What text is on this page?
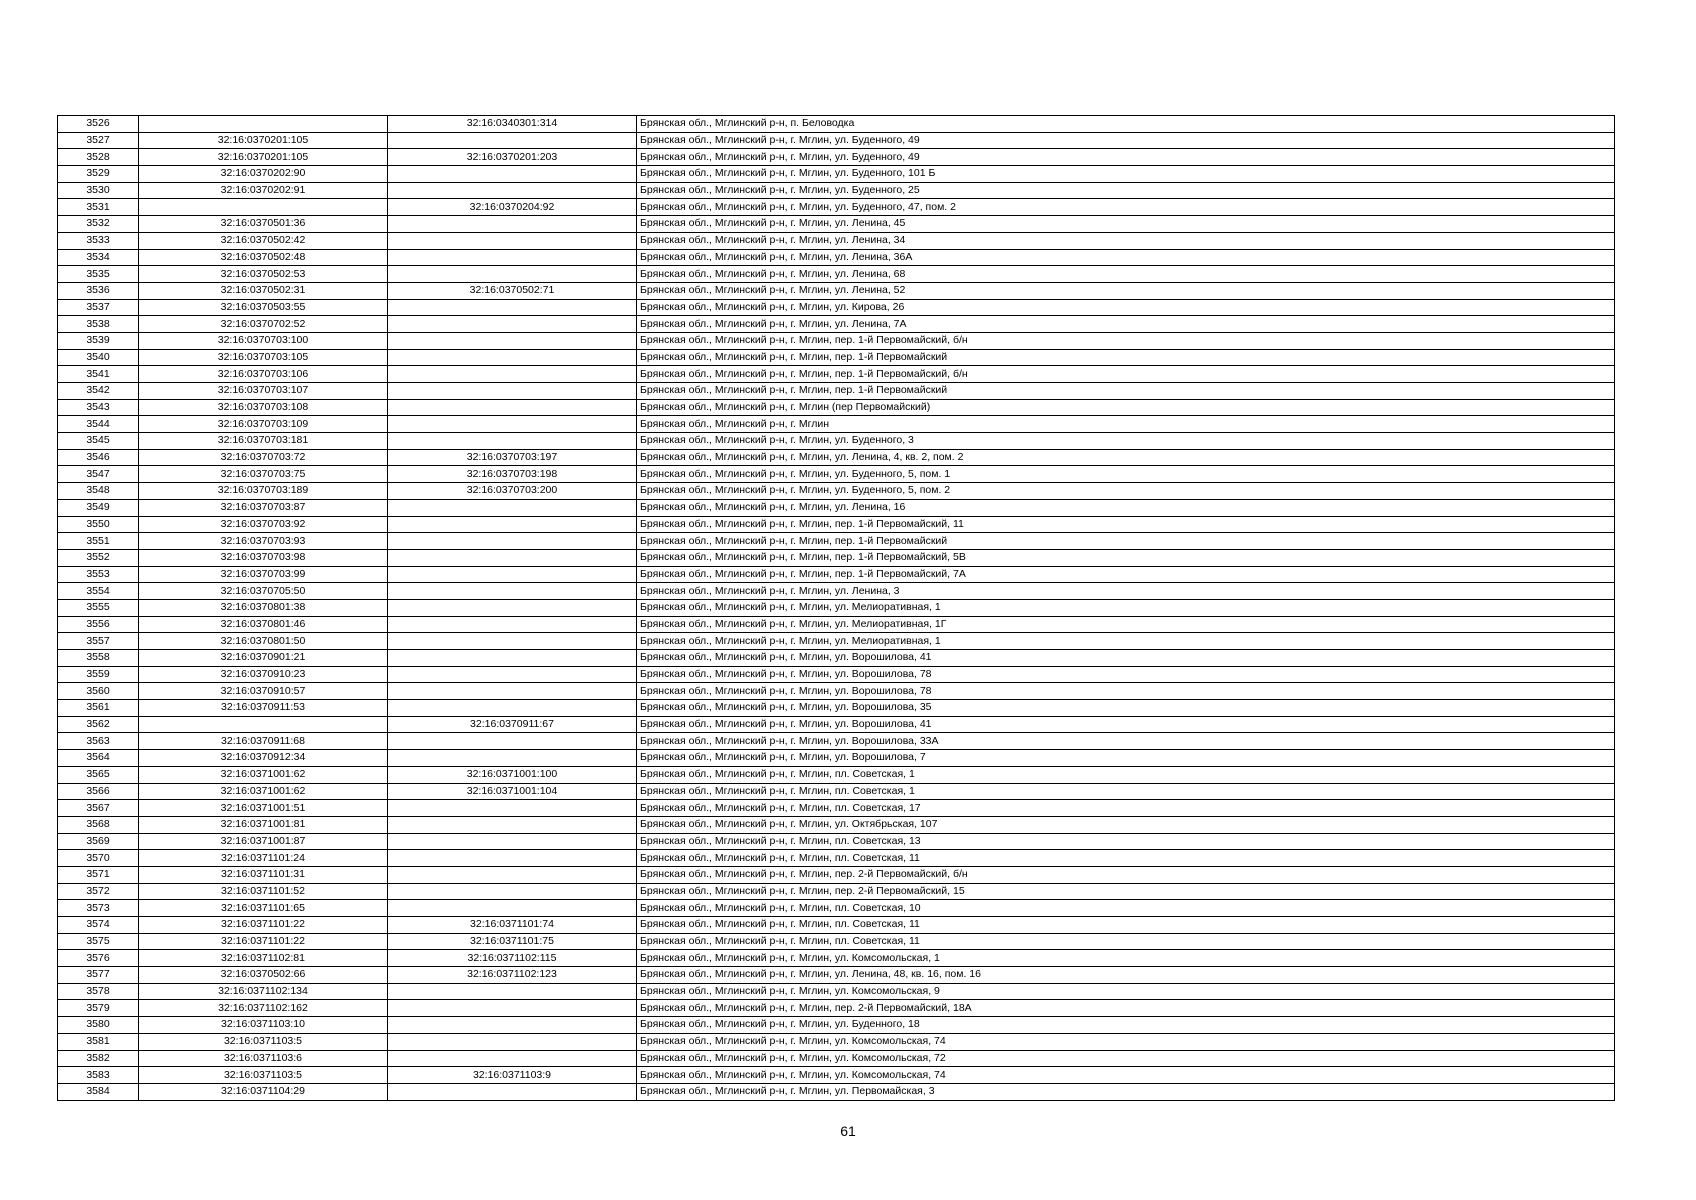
3526		32:16:0340301:314	Брянская обл., Мглинский р-н, п. Беловодка
3527	32:16:0370201:105		Брянская обл., Мглинский р-н, г. Мглин, ул. Буденного, 49
3528	32:16:0370201:105	32:16:0370201:203	Брянская обл., Мглинский р-н, г. Мглин, ул. Буденного, 49
3529	32:16:0370202:90		Брянская обл., Мглинский р-н, г. Мглин, ул. Буденного, 101 Б
3530	32:16:0370202:91		Брянская обл., Мглинский р-н, г. Мглин, ул. Буденного, 25
3531		32:16:0370204:92	Брянская обл., Мглинский р-н, г. Мглин, ул. Буденного, 47, пом. 2
3532	32:16:0370501:36		Брянская обл., Мглинский р-н, г. Мглин, ул. Ленина, 45
3533	32:16:0370502:42		Брянская обл., Мглинский р-н, г. Мглин, ул. Ленина, 34
3534	32:16:0370502:48		Брянская обл., Мглинский р-н, г. Мглин, ул. Ленина, 36А
3535	32:16:0370502:53		Брянская обл., Мглинский р-н, г. Мглин, ул. Ленина, 68
3536	32:16:0370502:31	32:16:0370502:71	Брянская обл., Мглинский р-н, г. Мглин, ул. Ленина, 52
3537	32:16:0370503:55		Брянская обл., Мглинский р-н, г. Мглин, ул. Кирова, 26
3538	32:16:0370702:52		Брянская обл., Мглинский р-н, г. Мглин, ул. Ленина, 7А
3539	32:16:0370703:100		Брянская обл., Мглинский р-н, г. Мглин, пер. 1-й Первомайский, б/н
3540	32:16:0370703:105		Брянская обл., Мглинский р-н, г. Мглин, пер. 1-й Первомайский
3541	32:16:0370703:106		Брянская обл., Мглинский р-н, г. Мглин, пер. 1-й Первомайский, б/н
3542	32:16:0370703:107		Брянская обл., Мглинский р-н, г. Мглин, пер. 1-й Первомайский
3543	32:16:0370703:108		Брянская обл., Мглинский р-н, г. Мглин (пер Первомайский)
3544	32:16:0370703:109		Брянская обл., Мглинский р-н, г. Мглин
3545	32:16:0370703:181		Брянская обл., Мглинский р-н, г. Мглин, ул. Буденного, 3
3546	32:16:0370703:72	32:16:0370703:197	Брянская обл., Мглинский р-н, г. Мглин, ул. Ленина, 4, кв. 2, пом. 2
3547	32:16:0370703:75	32:16:0370703:198	Брянская обл., Мглинский р-н, г. Мглин, ул. Буденного, 5, пом. 1
3548	32:16:0370703:189	32:16:0370703:200	Брянская обл., Мглинский р-н, г. Мглин, ул. Буденного, 5, пом. 2
3549	32:16:0370703:87		Брянская обл., Мглинский р-н, г. Мглин, ул. Ленина, 16
3550	32:16:0370703:92		Брянская обл., Мглинский р-н, г. Мглин, пер. 1-й Первомайский, 11
3551	32:16:0370703:93		Брянская обл., Мглинский р-н, г. Мглин, пер. 1-й Первомайский
3552	32:16:0370703:98		Брянская обл., Мглинский р-н, г. Мглин, пер. 1-й Первомайский, 5В
3553	32:16:0370703:99		Брянская обл., Мглинский р-н, г. Мглин, пер. 1-й Первомайский, 7А
3554	32:16:0370705:50		Брянская обл., Мглинский р-н, г. Мглин, ул. Ленина, 3
3555	32:16:0370801:38		Брянская обл., Мглинский р-н, г. Мглин, ул. Мелиоративная, 1
3556	32:16:0370801:46		Брянская обл., Мглинский р-н, г. Мглин, ул. Мелиоративная, 1Г
3557	32:16:0370801:50		Брянская обл., Мглинский р-н, г. Мглин, ул. Мелиоративная, 1
3558	32:16:0370901:21		Брянская обл., Мглинский р-н, г. Мглин, ул. Ворошилова, 41
3559	32:16:0370910:23		Брянская обл., Мглинский р-н, г. Мглин, ул. Ворошилова, 78
3560	32:16:0370910:57		Брянская обл., Мглинский р-н, г. Мглин, ул. Ворошилова, 78
3561	32:16:0370911:53		Брянская обл., Мглинский р-н, г. Мглин, ул. Ворошилова, 35
3562		32:16:0370911:67	Брянская обл., Мглинский р-н, г. Мглин, ул. Ворошилова, 41
3563	32:16:0370911:68		Брянская обл., Мглинский р-н, г. Мглин, ул. Ворошилова, 33А
3564	32:16:0370912:34		Брянская обл., Мглинский р-н, г. Мглин, ул. Ворошилова, 7
3565	32:16:0371001:62	32:16:0371001:100	Брянская обл., Мглинский р-н, г. Мглин, пл. Советская, 1
3566	32:16:0371001:62	32:16:0371001:104	Брянская обл., Мглинский р-н, г. Мглин, пл. Советская, 1
3567	32:16:0371001:51		Брянская обл., Мглинский р-н, г. Мглин, пл. Советская, 17
3568	32:16:0371001:81		Брянская обл., Мглинский р-н, г. Мглин, ул. Октябрьская, 107
3569	32:16:0371001:87		Брянская обл., Мглинский р-н, г. Мглин, пл. Советская, 13
3570	32:16:0371101:24		Брянская обл., Мглинский р-н, г. Мглин, пл. Советская, 11
3571	32:16:0371101:31		Брянская обл., Мглинский р-н, г. Мглин, пер. 2-й Первомайский, б/н
3572	32:16:0371101:52		Брянская обл., Мглинский р-н, г. Мглин, пер. 2-й Первомайский, 15
3573	32:16:0371101:65		Брянская обл., Мглинский р-н, г. Мглин, пл. Советская, 10
3574	32:16:0371101:22	32:16:0371101:74	Брянская обл., Мглинский р-н, г. Мглин, пл. Советская, 11
3575	32:16:0371101:22	32:16:0371101:75	Брянская обл., Мглинский р-н, г. Мглин, пл. Советская, 11
3576	32:16:0371102:81	32:16:0371102:115	Брянская обл., Мглинский р-н, г. Мглин, ул. Комсомольская, 1
3577	32:16:0370502:66	32:16:0371102:123	Брянская обл., Мглинский р-н, г. Мглин, ул. Ленина, 48, кв. 16, пом. 16
3578	32:16:0371102:134		Брянская обл., Мглинский р-н, г. Мглин, ул. Комсомольская, 9
3579	32:16:0371102:162		Брянская обл., Мглинский р-н, г. Мглин, пер. 2-й Первомайский, 18А
3580	32:16:0371103:10		Брянская обл., Мглинский р-н, г. Мглин, ул. Буденного, 18
3581	32:16:0371103:5		Брянская обл., Мглинский р-н, г. Мглин, ул. Комсомольская, 74
3582	32:16:0371103:6		Брянская обл., Мглинский р-н, г. Мглин, ул. Комсомольская, 72
3583	32:16:0371103:5	32:16:0371103:9	Брянская обл., Мглинский р-н, г. Мглин, ул. Комсомольская, 74
3584	32:16:0371104:29		Брянская обл., Мглинский р-н, г. Мглин, ул. Первомайская, 3
61
